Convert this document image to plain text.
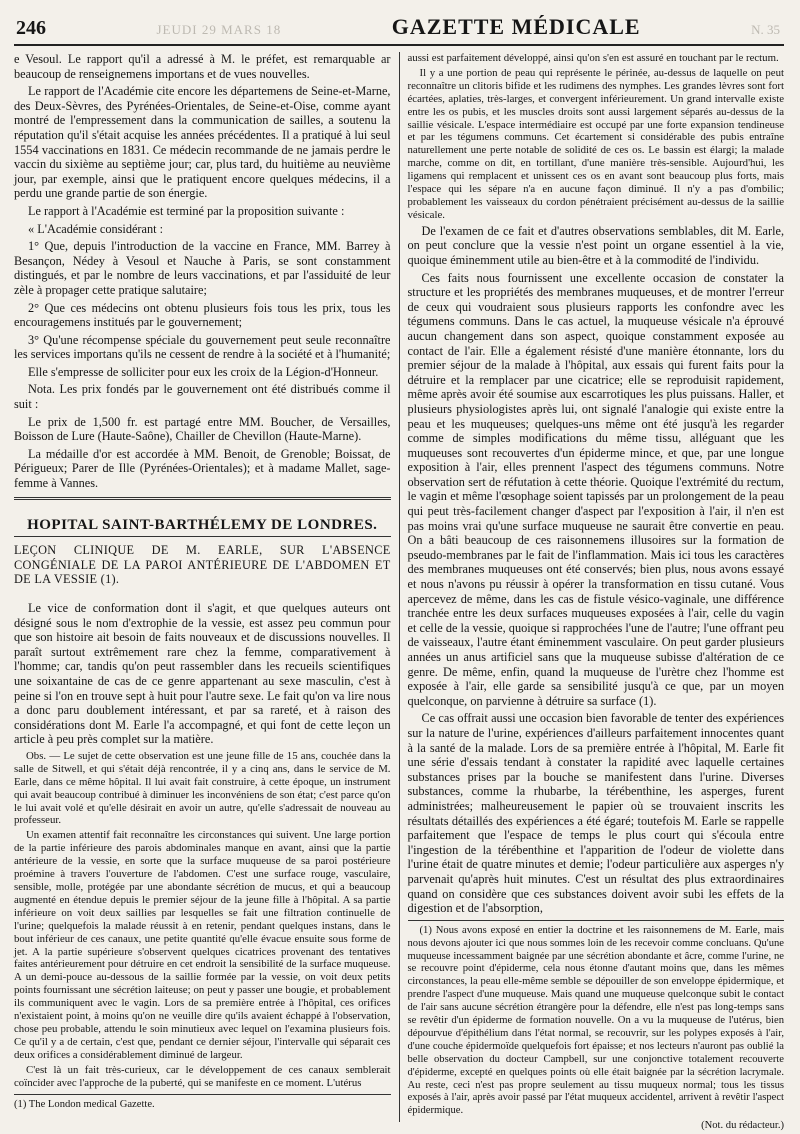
246	JEUDI 29 MARS 18	GAZETTE MÉDICALE	N. 35

e Vesoul. Le rapport qu'il a adressé à M. le préfet, est remarquable ar beaucoup de renseignemens importans et de vues nouvelles.

Le rapport de l'Académie cite encore les départemens de Seine-et-Marne, des Deux-Sèvres, des Pyrénées-Orientales, de Seine-et-Oise, comme ayant montré de l'empressement dans la communication de sailles, a soutenu la réputation qu'il s'était acquise les années précédentes. Il a pratiqué à lui seul 1554 vaccinations en 1831. Ce médecin recommande de ne jamais perdre le vaccin du sixième au septième jour; car, plus tard, du huitième au neuvième jour, par exemple, ainsi que le pratiquent encore quelques médecins, il a perdu une grande partie de son énergie.

Le rapport à l'Académie est terminé par la proposition suivante :

« L'Académie considérant :

1° Que, depuis l'introduction de la vaccine en France, MM. Barrey à Besançon, Nédey à Vesoul et Nauche à Paris, se sont constamment distingués, et par le nombre de leurs vaccinations, et par l'assiduité de leur zèle à propager cette pratique salutaire;

2° Que ces médecins ont obtenu plusieurs fois tous les prix, tous les encouragemens institués par le gouvernement;

3° Qu'une récompense spéciale du gouvernement peut seule reconnaître les services importans qu'ils ne cessent de rendre à la société et à l'humanité;

Elle s'empresse de solliciter pour eux les croix de la Légion-d'Honneur.

Nota. Les prix fondés par le gouvernement ont été distribués comme il suit :

Le prix de 1,500 fr. est partagé entre MM. Boucher, de Versailles, Boisson de Lure (Haute-Saône), Chailler de Chevillon (Haute-Marne).

La médaille d'or est accordée à MM. Benoit, de Grenoble; Boissat, de Périgueux; Parer de Ille (Pyrénées-Orientales); et à madame Mallet, sage-femme à Vannes.

HOPITAL SAINT-BARTHÉLEMY DE LONDRES.
LEÇON CLINIQUE DE M. EARLE, SUR L'ABSENCE CONGÉNIALE DE LA PAROI ANTÉRIEURE DE L'ABDOMEN ET DE LA VESSIE (1).

Le vice de conformation dont il s'agit, et que quelques auteurs ont désigné sous le nom d'extrophie de la vessie, est assez peu commun pour que son histoire ait besoin de faits nouveaux et de discussions nouvelles. Il paraît surtout extrêmement rare chez la femme, comparativement à l'homme; car, tandis qu'on peut rassembler dans les recueils scientifiques une soixantaine de cas de ce genre appartenant au sexe masculin, c'est à peine si l'on en trouve sept à huit pour l'autre sexe. Le fait qu'on va lire nous a donc paru doublement intéressant, et par sa rareté, et à raison des considérations dont M. Earle l'a accompagné, et qui font de cette leçon un article à peu près complet sur la matière.

Obs. — Le sujet de cette observation est une jeune fille de 15 ans, couchée dans la salle de Sitwell, et qui s'était déjà rencontrée, il y a cinq ans, dans le service de M. Earle, dans ce même hôpital. Il lui avait fait construire, à cette époque, un instrument qui avait beaucoup contribué à diminuer les inconvéniens de son état; c'est parce qu'on le lui avait volé et qu'elle désirait en avoir un autre, qu'elle s'adressait de nouveau au professeur.

Un examen attentif fait reconnaître les circonstances qui suivent. Une large portion de la partie inférieure des parois abdominales manque en avant, ainsi que la partie antérieure de la vessie, en sorte que la surface muqueuse de sa paroi postérieure proémine à travers l'ouverture de l'abdomen. C'est une surface rouge, vasculaire, sensible, molle, protégée par une abondante sécrétion de mucus, et qui a beaucoup augmenté en étendue depuis le premier séjour de la jeune fille à l'hôpital. A sa partie inférieure on voit deux saillies par lesquelles se fait une filtration continuelle de l'urine; quelquefois la malade réussit à en retenir, pendant quelques instans, dans le bout inférieur de ces canaux, une petite quantité qu'elle évacue ensuite sous forme de jet. A la partie supérieure s'observent quelques cicatrices provenant des tentatives faites antérieurement pour détruire en cet endroit la sensibilité de la surface muqueuse. A un demi-pouce au-dessous de la saillie formée par la vessie, on voit deux petits points fournissant une sécrétion laiteuse; on peut y passer une bougie, et probablement ils communiquent avec le vagin. Lors de sa première entrée à l'hôpital, ces orifices n'existaient point, à moins qu'on ne veuille dire qu'ils avaient échappé à l'observation, chose peu probable, attendu le soin minutieux avec lequel on l'examina plusieurs fois. Ce qu'il y a de certain, c'est que, pendant ce dernier séjour, l'intervalle qui séparait ces deux orifices a considérablement diminué de largeur.

C'est là un fait très-curieux, car le développement de ces canaux semblerait coïncider avec l'approche de la puberté, qui se manifeste en ce moment. L'utérus

(1) The London medical Gazette.

aussi est parfaitement développé, ainsi qu'on s'en est assuré en touchant par le rectum.

Il y a une portion de peau qui représente le périnée, au-dessus de laquelle on peut reconnaître un clitoris bifide et les rudimens des nymphes. Les grandes lèvres sont fort écartées, aplaties, très-larges, et convergent inférieurement. Un grand intervalle existe entre les os pubis, et les muscles droits sont aussi largement séparés au-dessus de la saillie vésicale. L'espace intermédiaire est occupé par une forte expansion tendineuse et par les tégumens communs. Cet écartement si considérable des pubis entraîne naturellement une perte notable de solidité de ces os. Le bassin est élargi; la malade marche, comme on dit, en tortillant, d'une manière très-sensible. Aujourd'hui, les ligamens qui remplacent et unissent ces os en avant sont beaucoup plus forts, mais l'espace qui les sépare n'a en aucune façon diminué. Il n'y a pas d'ombilic; probablement les vaisseaux du cordon pénétraient précisément au-dessus de la saillie vésicale.

De l'examen de ce fait et d'autres observations semblables, dit M. Earle, on peut conclure que la vessie n'est point un organe essentiel à la vie, quoique éminemment utile au bien-être et à la commodité de l'individu.

Ces faits nous fournissent une excellente occasion de constater la structure et les propriétés des membranes muqueuses, et de montrer l'erreur de ceux qui voudraient sous plusieurs rapports les confondre avec les tégumens communs. Dans le cas actuel, la muqueuse vésicale n'a éprouvé aucun changement dans son aspect, quoique constamment exposée au contact de l'air. Elle a également résisté d'une manière étonnante, lors du premier séjour de la malade à l'hôpital, aux essais qui furent faits pour la détruire et la remplacer par une cicatrice; elle se reproduisit rapidement, même après avoir été soumise aux escarrotiques les plus puissans. Haller, et plusieurs physiologistes après lui, ont signalé l'analogie qui existe entre la peau et les muqueuses; quelques-uns même ont été jusqu'à les regarder comme de simples modifications du même tissu, alléguant que les muqueuses sont recouvertes d'un épiderme mince, et que, par une longue exposition à l'air, elles prennent l'aspect des tégumens communs. Notre observation sert de réfutation à cette théorie. Quoique l'extrémité du rectum, le vagin et même l'œsophage soient tapissés par un prolongement de la peau qui peut très-facilement changer d'aspect par l'exposition à l'air, il n'en est pas moins vrai qu'une surface muqueuse ne saurait être convertie en peau. On a bâti beaucoup de ces raisonnemens illusoires sur la formation de pseudo-membranes par le fait de l'inflammation. Mais ici tous les caractères des membranes muqueuses ont été conservés; bien plus, nous avons essayé et nous n'avons pu réussir à opérer la transformation en tissu cutané. Vous apercevez de même, dans les cas de fistule vésico-vaginale, une différence tranchée entre les deux surfaces muqueuses exposées à l'air, celle du vagin et celle de la vessie, quoique si rapprochées l'une de l'autre; l'une offrant peu de vaisseaux, l'autre étant éminemment vasculaire. On peut garder plusieurs années un anus artificiel sans que la muqueuse subisse d'altération de ce genre. De même, enfin, quand la muqueuse de l'urètre chez l'homme est exposée à l'air, elle garde sa sensibilité jusqu'à ce que, par un moyen quelconque, on parvienne à détruire sa surface (1).

Ce cas offrait aussi une occasion bien favorable de tenter des expériences sur la nature de l'urine, expériences d'ailleurs parfaitement innocentes quant à la santé de la malade. Lors de sa première entrée à l'hôpital, M. Earle fit une série d'essais tendant à constater la rapidité avec laquelle certaines substances prises par la bouche se manifestent dans l'urine. Diverses substances, comme la rhubarbe, la térébenthine, les asperges, furent administrées; malheureusement le papier où se trouvaient inscrits les résultats détaillés des expériences a été égaré; toutefois M. Earle se rappelle parfaitement que l'espace de temps le plus court qui s'écoula entre l'ingestion de la térébenthine et l'apparition de l'odeur de violette dans l'urine était de quatre minutes et demie; l'odeur particulière aux asperges n'y parvenait qu'après huit minutes. C'est un résultat des plus extraordinaires quand on considère que ces substances doivent avoir subi les effets de la digestion et de l'absorption,

(1) Nous avons exposé en entier la doctrine et les raisonnemens de M. Earle, mais nous devons ajouter ici que nous sommes loin de les recevoir comme concluans. Qu'une muqueuse incessamment baignée par une sécrétion abondante et âcre, comme l'urine, ne se recouvre point d'épiderme, cela nous étonne d'autant moins que, dans les mêmes circonstances, la peau elle-même semble se dépouiller de son enveloppe épidermique, et prendre l'aspect d'une muqueuse. Mais quand une muqueuse quelconque subit le contact de l'air sans aucune sécrétion étrangère pour la défendre, elle n'est pas long-temps sans se revêtir d'un épiderme de formation nouvelle. On a vu la muqueuse de l'utérus, bien dépourvue d'épithélium dans l'état normal, se recouvrir, sur les polypes exposés à l'air, d'une couche épidermoïde quelquefois fort épaisse; et nos lecteurs n'auront pas oublié la belle observation du docteur Campbell, sur une conjonctive totalement recouverte d'épiderme, excepté en quelques points où elle était baignée par la sécrétion lacrymale. Au reste, ceci n'est pas propre seulement au tissu muqueux normal; tous les tissus exposés à l'air, après avoir passé par l'état muqueux accidentel, arrivent à revêtir l'aspect épidermique.

(Not. du rédacteur.)
